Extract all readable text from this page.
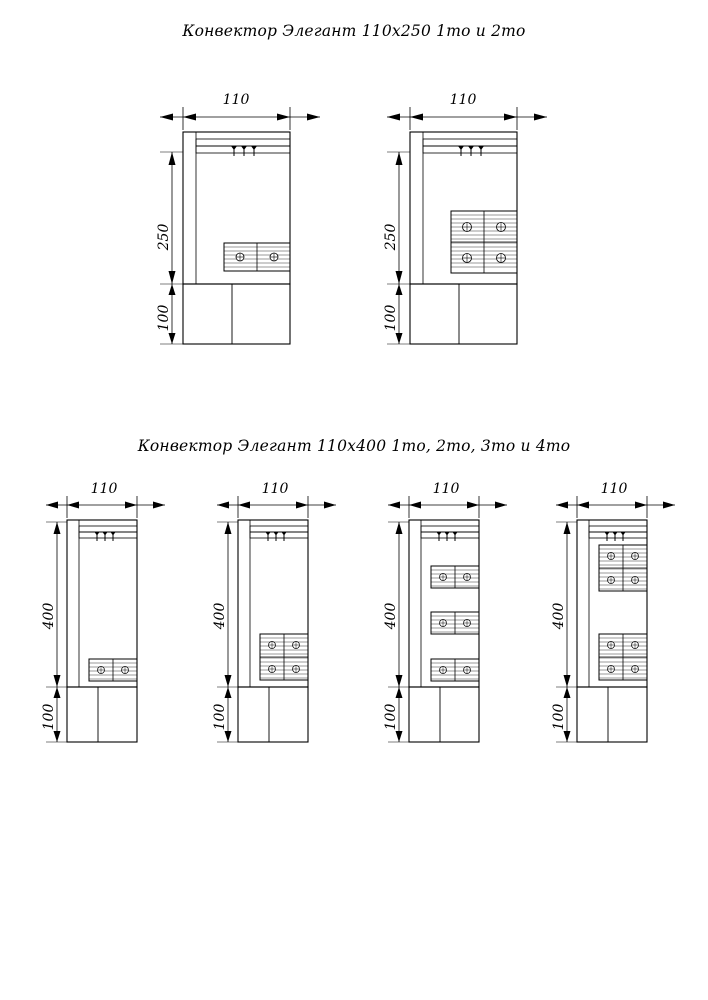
Конвектор Элегант 110х250 1то и 2то
Конвектор Элегант 110х400 1то, 2то, 3то и 4то
250
100
110
250
100
110
400
100
110
400
100
110
400
100
110
400
100
110
